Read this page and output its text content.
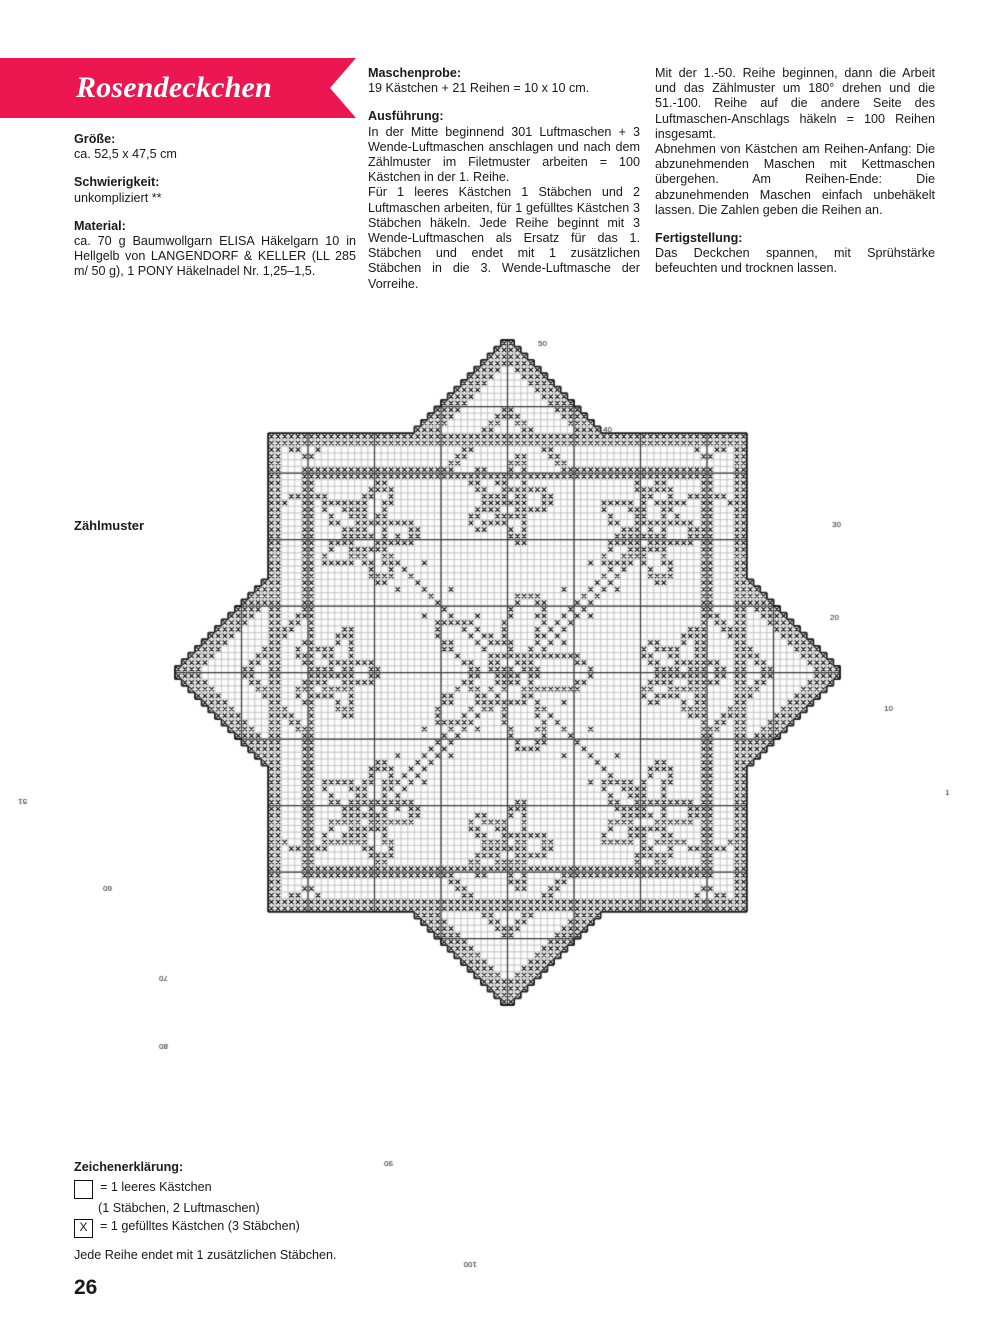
Rosendeckchen

Größe:

ca. 52,5 x 47,5 cm

Schwierigkeit:

unkompliziert **

Material:

ca. 70 g Baumwollgarn ELISA Häkelgarn 10 in Hellgelb von LANGENDORF & KELLER (LL 285 m/ 50 g), 1 PONY Häkelnadel Nr. 1,25–1,5.

Maschenprobe:

19 Kästchen + 21 Reihen = 10 x 10 cm.

Ausführung:

In der Mitte beginnend 301 Luftmaschen + 3 Wende-Luftmaschen anschlagen und nach dem Zählmuster im Filetmuster arbeiten = 100 Kästchen in der 1. Reihe.

Für 1 leeres Kästchen 1 Stäbchen und 2 Luftmaschen arbeiten, für 1 gefülltes Kästchen 3 Stäbchen häkeln. Jede Reihe beginnt mit 3 Wende-Luftmaschen als Ersatz für das 1. Stäbchen und endet mit 1 zusätzlichen Stäbchen in die 3. Wende-Luftmasche der Vorreihe.

Mit der 1.-50. Reihe beginnen, dann die Arbeit und das Zählmuster um 180° drehen und die 51.-100. Reihe auf die andere Seite des Luftmaschen-Anschlags häkeln = 100 Reihen insgesamt.

Abnehmen von Kästchen am Reihen-Anfang: Die abzunehmenden Maschen mit Kettmaschen übergehen. Am Reihen-Ende: Die abzunehmenden Maschen einfach unbehäkelt lassen. Die Zahlen geben die Reihen an.

Fertigstellung:

Das Deckchen spannen, mit Sprühstärke befeuchten und trocknen lassen.

Zeichenerklärung:

= 1 leeres Kästchen

(1 Stäbchen, 2 Luftmaschen)

X = 1 gefülltes Kästchen (3 Stäbchen)

Jede Reihe endet mit 1 zusätzlichen Stäbchen.

26
